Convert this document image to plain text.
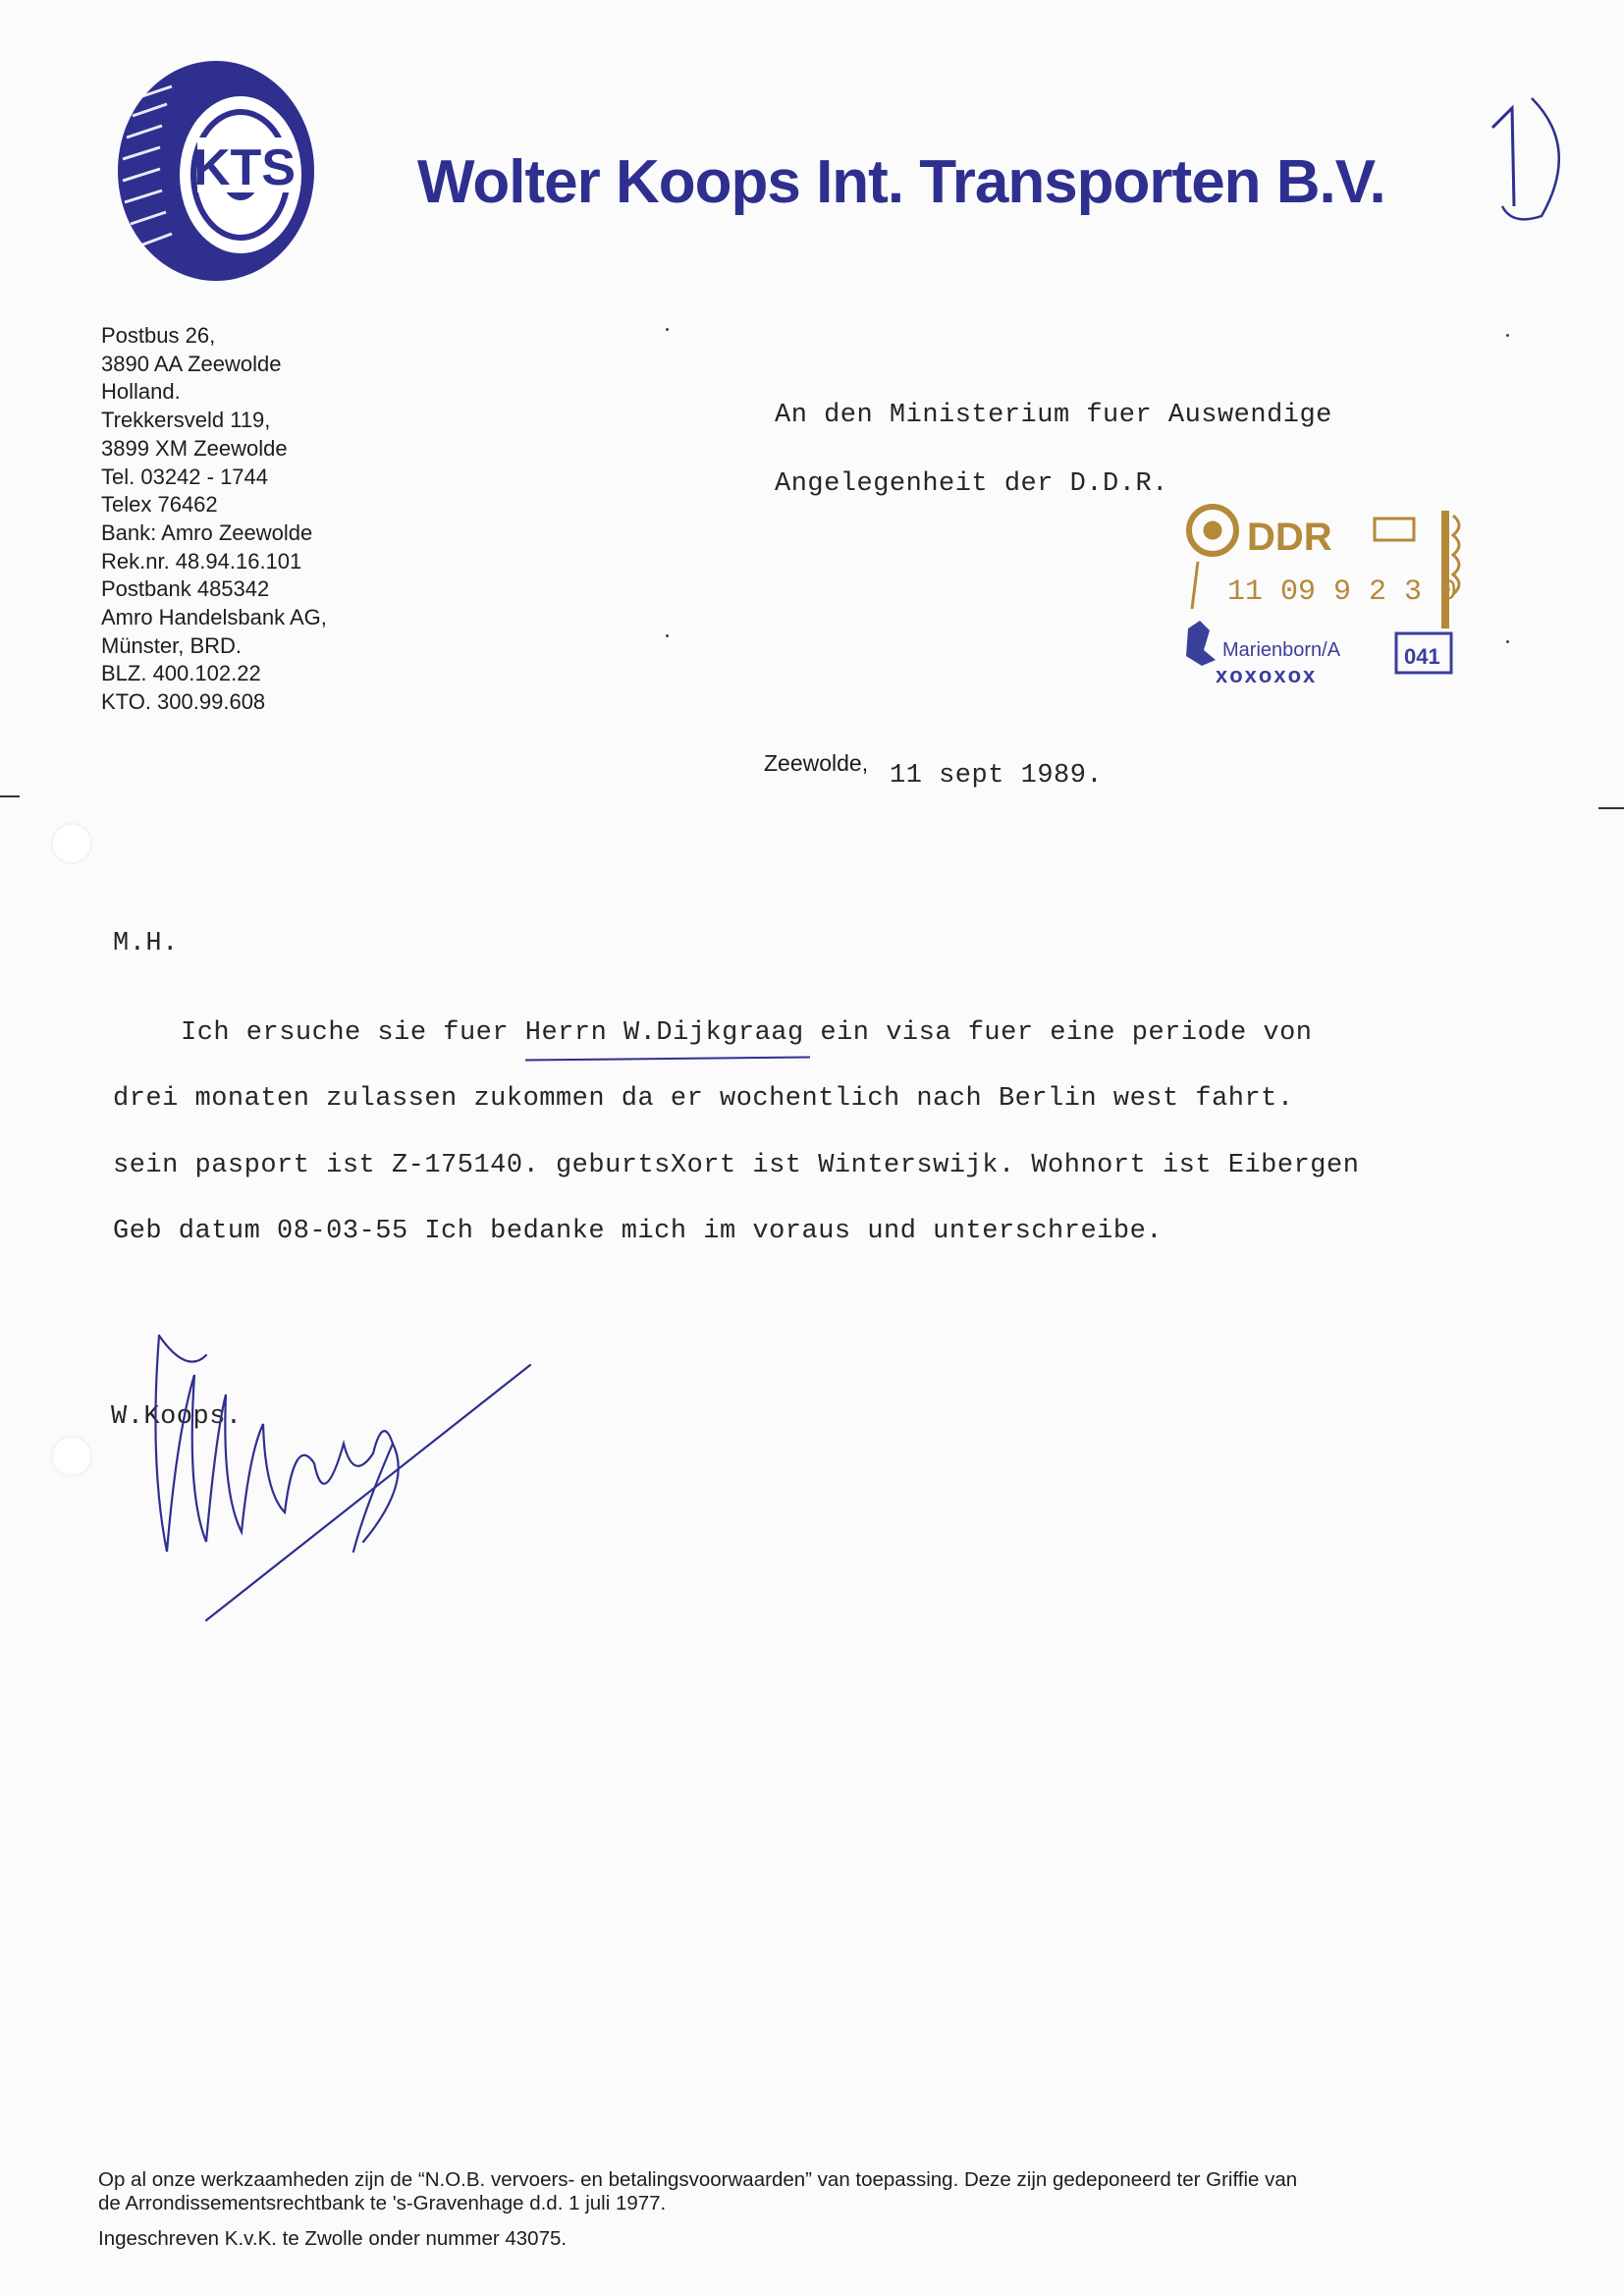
KTS Wolter Koops Int. Transporten B.V.
Postbus 26,
3890 AA Zeewolde
Holland.
Trekkersveld 119,
3899 XM Zeewolde
Tel. 03242 - 1744
Telex 76462
Bank: Amro Zeewolde
Rek.nr. 48.94.16.101
Postbank 485342
Amro Handelsbank AG,
Münster, BRD.
BLZ. 400.102.22
KTO. 300.99.608
An den Ministerium fuer Auswendige
Angelegenheit der D.D.R.
DDR
11 09 9 2 3 0
Marienborn/A
xoxoxox
041
Zeewolde, 11 sept 1989.
M.H.
Ich ersuche sie fuer Herrn W.Dijkgraag ein visa fuer eine periode von
drei monaten zulassen zukommen da er wochentlich nach Berlin west fahrt.
sein pasport ist Z-175140. geburtsXort ist Winterswijk. Wohnort ist Eibergen
Geb datum 08-03-55 Ich bedanke mich im voraus und unterschreibe.
W.Koops.
Op al onze werkzaamheden zijn de “N.O.B. vervoers- en betalingsvoorwaarden” van toepassing. Deze zijn gedeponeerd ter Griffie van
de Arrondissementsrechtbank te 's-Gravenhage d.d. 1 juli 1977.
Ingeschreven K.v.K. te Zwolle onder nummer 43075.
